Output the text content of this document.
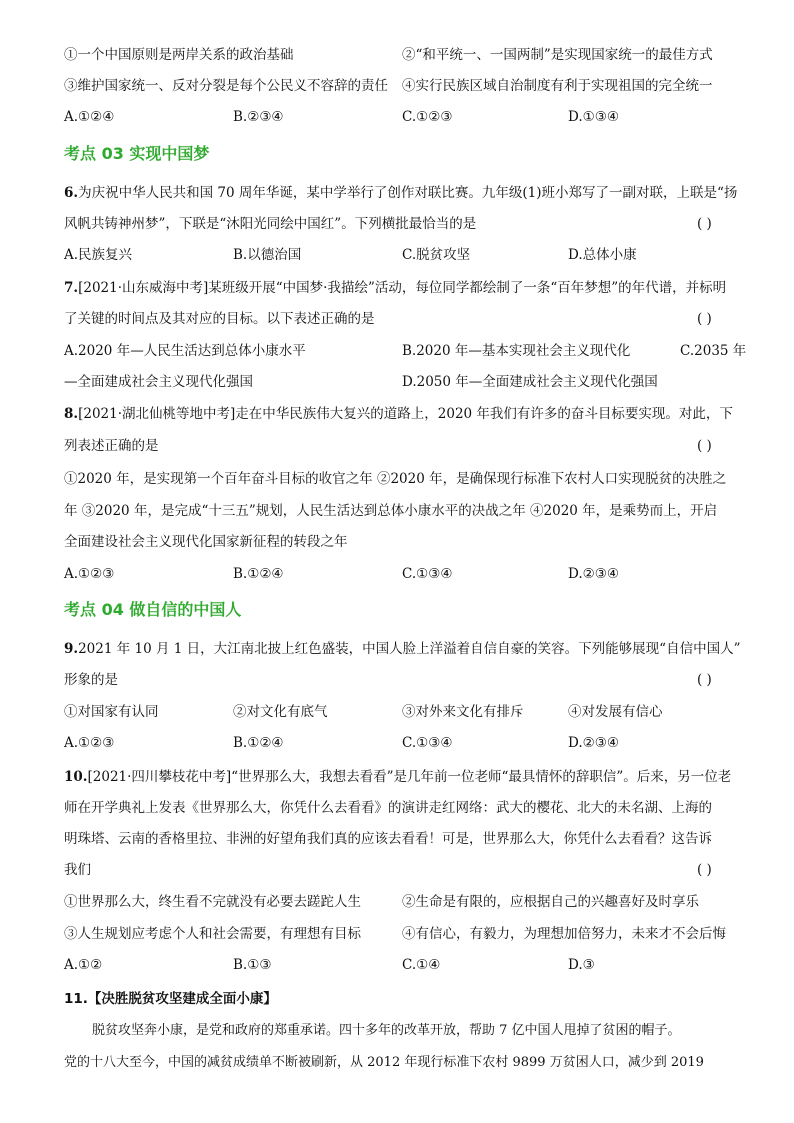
①一个中国原则是两岸关系的政治基础	②“和平统一、一国两制”是实现国家统一的最佳方式
③维护国家统一、反对分裂是每个公民义不容辞的责任 ④实行民族区域自治制度有利于实现祖国的完全统一
A.①②④	B.②③④	C.①②③	D.①③④
考点 03 实现中国梦
6.为庆祝中华人民共和国 70 周年华诞，某中学举行了创作对联比赛。九年级(1)班小郑写了一副对联，上联是“扬
风帆共铸神州梦”，下联是“沐阳光同绘中国红”。下列横批最恰当的是	( )
A.民族复兴	B.以德治国	C.脱贫攻坚	D.总体小康
7.[2021·山东威海中考]某班级开展“中国梦·我描绘”活动，每位同学都绘制了一条“百年梦想”的年代谱，并标明
了关键的时间点及其对应的目标。以下表述正确的是	( )
A.2020 年—人民生活达到总体小康水平	B.2020 年—基本实现社会主义现代化	C.2035 年
—全面建成社会主义现代化强国	D.2050 年—全面建成社会主义现代化强国
8.[2021·湖北仙桃等地中考]走在中华民族伟大复兴的道路上，2020 年我们有许多的奋斗目标要实现。对此，下
列表述正确的是	( )
①2020 年，是实现第一个百年奋斗目标的收官之年 ②2020 年，是确保现行标准下农村人口实现脱贫的决胜之
年 ③2020 年，是完成“十三五”规划，人民生活达到总体小康水平的决战之年 ④2020 年，是乘势而上，开启
全面建设社会主义现代化国家新征程的转段之年
A.①②③	B.①②④	C.①③④	D.②③④
考点 04 做自信的中国人
9.2021 年 10 月 1 日，大江南北披上红色盛装，中国人脸上洋溢着自信自豪的笑容。下列能够展现“自信中国人”
形象的是	( )
①对国家有认同	②对文化有底气	③对外来文化有排斥	④对发展有信心
A.①②③	B.①②④	C.①③④	D.②③④
10.[2021·四川攀枝花中考]“世界那么大，我想去看看”是几年前一位老师“最具情怀的辞职信”。后来，另一位老
师在开学典礼上发表《世界那么大，你凭什么去看看》的演讲走红网络：武大的樱花、北大的未名湖、上海的
明珠塔、云南的香格里拉、非洲的好望角我们真的应该去看看！可是，世界那么大，你凭什么去看看？这告诉
我们	( )
①世界那么大，终生看不完就没有必要去蹉跎人生	②生命是有限的，应根据自己的兴趣喜好及时享乐
③人生规划应考虑个人和社会需要，有理想有目标	④有信心，有毅力，为理想加倍努力，未来才不会后悔
A.①②	B.①③	C.①④	D.③
11.【决胜脱贫攻坚建成全面小康】
脱贫攻坚奔小康，是党和政府的郑重承诺。四十多年的改革开放，帮助 7 亿中国人甩掉了贫困的帽子。
党的十八大至今，中国的减贫成绩单不断被刷新，从 2012 年现行标准下农村 9899 万贫困人口，减少到 2019
